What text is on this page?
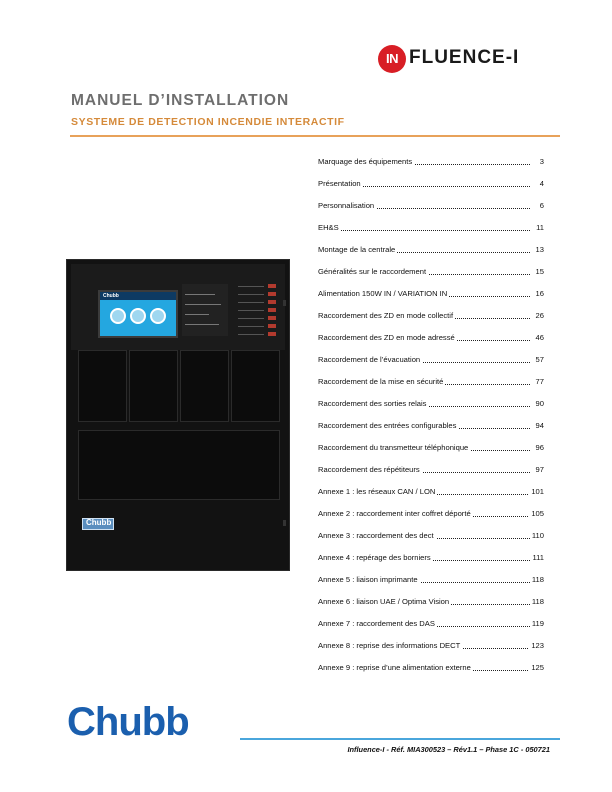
IN FLUENCE-I
MANUEL D’INSTALLATION
SYSTEME DE DETECTION INCENDIE INTERACTIF
Chubb
Chubb
Marquage des équipements	3
Présentation	4
Personnalisation	6
EH&S	11
Montage de la centrale	13
Généralités sur le raccordement	15
Alimentation 150W IN / VARIATION IN	16
Raccordement des ZD en mode collectif	26
Raccordement des ZD en mode adressé	46
Raccordement de l’évacuation	57
Raccordement de la mise en sécurité	77
Raccordement des sorties relais	90
Raccordement des entrées configurables	94
Raccordement du transmetteur téléphonique	96
Raccordement des répétiteurs	97
Annexe 1 : les réseaux CAN / LON	101
Annexe 2 : raccordement inter coffret déporté	105
Annexe 3 : raccordement des dect	110
Annexe 4 : repérage des borniers	111
Annexe 5 : liaison imprimante	118
Annexe 6 : liaison UAE / Optima Vision	118
Annexe 7 : raccordement des DAS	119
Annexe 8 : reprise des informations DECT	123
Annexe 9 : reprise d’une alimentation externe	125
Chubb
Influence-I - Réf. MIA300523 – Rév1.1 – Phase 1C - 050721
